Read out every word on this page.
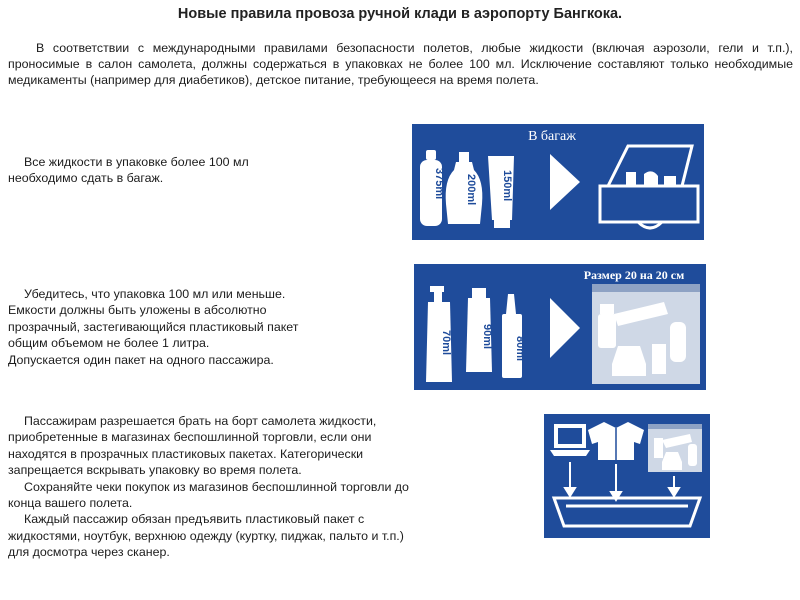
Новые правила провоза ручной клади в аэропорту Бангкока.

В соответствии с международными правилами безопасности полетов, любые жидкости (включая аэрозоли, гели и т.п.), проносимые в салон самолета, должны содержаться в упаковках не более 100 мл. Исключение составляют только необходимые медикаменты (например для диабетиков), детское питание, требующееся на время полета.

Все жидкости в упаковке более 100 мл
необходимо сдать в багаж.
В багаж
375ml 200ml 150ml
Убедитесь, что упаковка 100 мл или меньше.
Емкости должны быть уложены в абсолютно
прозрачный, застегивающийся пластиковый пакет
общим объемом не более 1 литра.
Допускается один пакет на одного пассажира.
Размер 20 на 20 см
70ml	90ml 80ml
Пассажирам разрешается брать на борт самолета жидкости,
приобретенные в магазинах беспошлинной торговли, если они
находятся в прозрачных пластиковых пакетах. Категорически
запрещается вскрывать упаковку во время полета.
Сохраняйте чеки покупок из магазинов беспошлинной торговли до
конца вашего полета.
Каждый пассажир обязан предъявить пластиковый пакет с
жидкостями, ноутбук, верхнюю одежду (куртку, пиджак, пальто и т.п.)
для досмотра через сканер.
